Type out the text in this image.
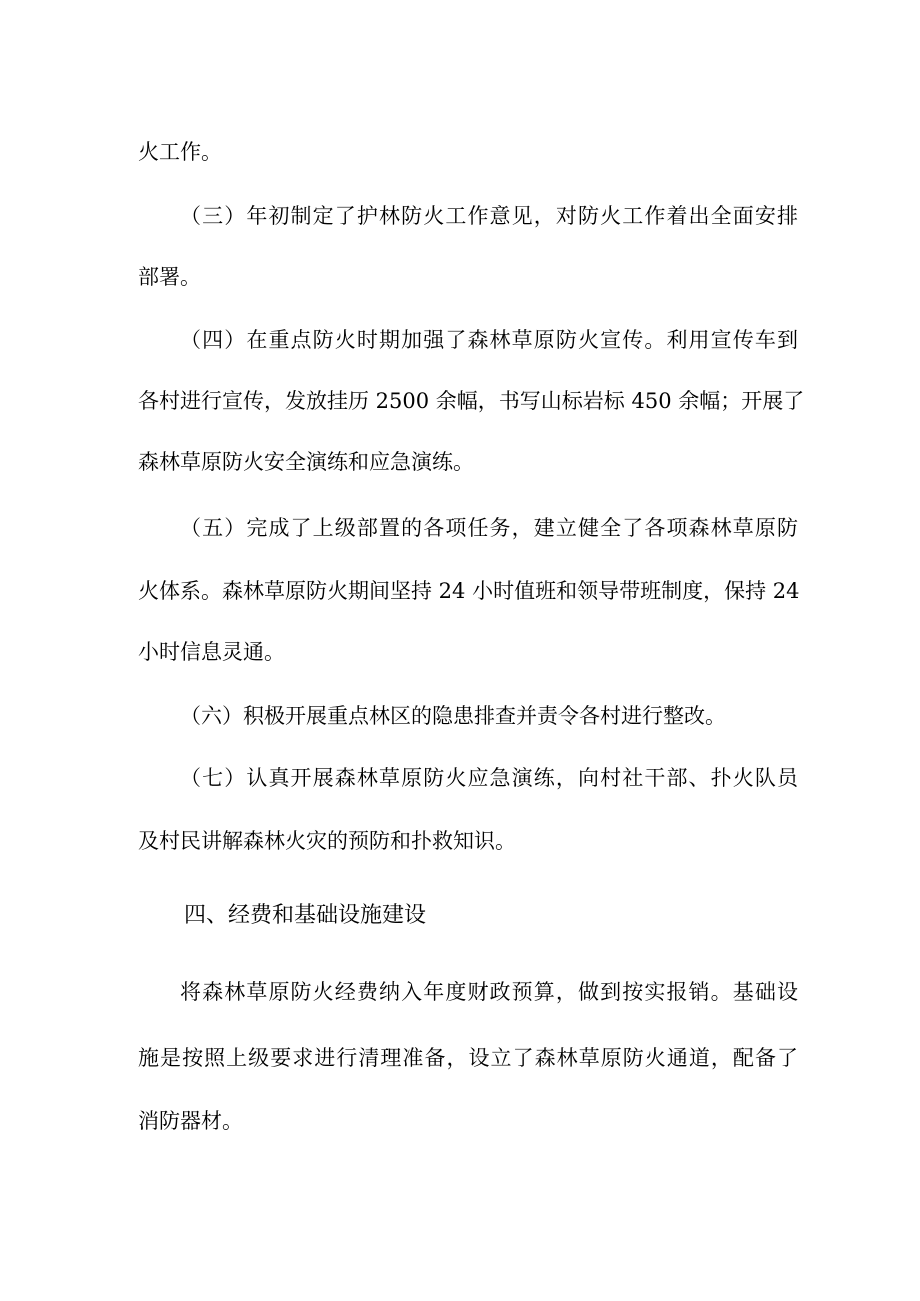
火工作。
（三）年初制定了护林防火工作意见，对防火工作着出全面安排
部署。
（四）在重点防火时期加强了森林草原防火宣传。利用宣传车到
各村进行宣传，发放挂历 2500 余幅，书写山标岩标 450 余幅；开展了
森林草原防火安全演练和应急演练。
（五）完成了上级部置的各项任务，建立健全了各项森林草原防
火体系。森林草原防火期间坚持 24 小时值班和领导带班制度，保持 24
小时信息灵通。
（六）积极开展重点林区的隐患排查并责令各村进行整改。
（七）认真开展森林草原防火应急演练，向村社干部、扑火队员
及村民讲解森林火灾的预防和扑救知识。
四、经费和基础设施建设
将森林草原防火经费纳入年度财政预算，做到按实报销。基础设
施是按照上级要求进行清理准备，设立了森林草原防火通道，配备了
消防器材。
